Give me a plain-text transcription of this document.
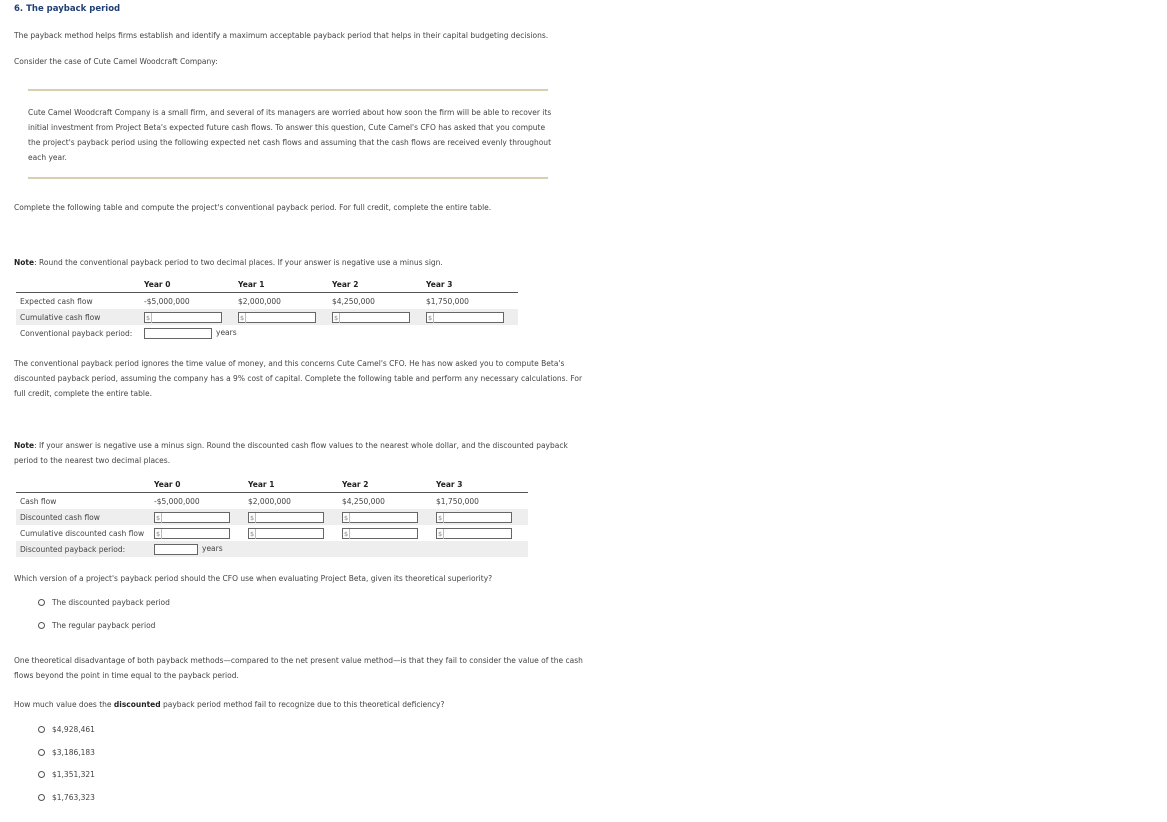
6. The payback period
The payback method helps firms establish and identify a maximum acceptable payback period that helps in their capital budgeting decisions.
Consider the case of Cute Camel Woodcraft Company:
Cute Camel Woodcraft Company is a small firm, and several of its managers are worried about how soon the firm will be able to recover its initial investment from Project Beta's expected future cash flows. To answer this question, Cute Camel's CFO has asked that you compute the project's payback period using the following expected net cash flows and assuming that the cash flows are received evenly throughout each year.
Complete the following table and compute the project's conventional payback period. For full credit, complete the entire table.
Note: Round the conventional payback period to two decimal places. If your answer is negative use a minus sign.
	Year 0	Year 1	Year 2	Year 3
Expected cash flow	-$5,000,000	$2,000,000	$4,250,000	$1,750,000
Cumulative cash flow	$	$	$	$

Conventional payback period:	years			
The conventional payback period ignores the time value of money, and this concerns Cute Camel's CFO. He has now asked you to compute Beta's discounted payback period, assuming the company has a 9% cost of capital. Complete the following table and perform any necessary calculations. For full credit, complete the entire table.
Note: If your answer is negative use a minus sign. Round the discounted cash flow values to the nearest whole dollar, and the discounted payback period to the nearest two decimal places.
	Year 0	Year 1	Year 2	Year 3
Cash flow	-$5,000,000	$2,000,000	$4,250,000	$1,750,000
Discounted cash flow	$	$	$	$

Cumulative discounted cash flow	$	$	$	$

Discounted payback period:	years			
Which version of a project's payback period should the CFO use when evaluating Project Beta, given its theoretical superiority?
The discounted payback period
The regular payback period
One theoretical disadvantage of both payback methods—compared to the net present value method—is that they fail to consider the value of the cash flows beyond the point in time equal to the payback period.
How much value does the discounted payback period method fail to recognize due to this theoretical deficiency?
$4,928,461
$3,186,183
$1,351,321
$1,763,323
